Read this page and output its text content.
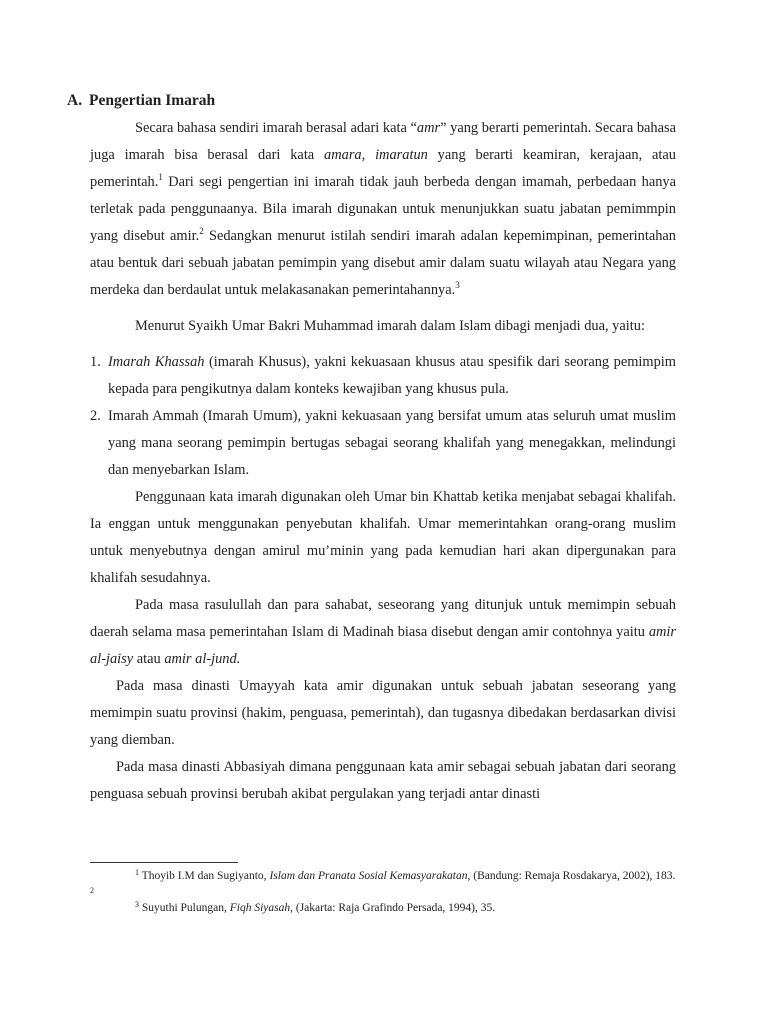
A. Pengertian Imarah

Secara bahasa sendiri imarah berasal adari kata “amr” yang berarti pemerintah. Secara bahasa juga imarah bisa berasal dari kata amara, imaratun yang berarti keamiran, kerajaan, atau pemerintah.$^1$ Dari segi pengertian ini imarah tidak jauh berbeda dengan imamah, perbedaan hanya terletak pada penggunaanya. Bila imarah digunakan untuk menunjukkan suatu jabatan pemimmpin yang disebut amir.$^2$ Sedangkan menurut istilah sendiri imarah adalan kepemimpinan, pemerintahan atau bentuk dari sebuah jabatan pemimpin yang disebut amir dalam suatu wilayah atau Negara yang merdeka dan berdaulat untuk melakasanakan pemerintahannya.$^3$

Menurut Syaikh Umar Bakri Muhammad imarah dalam Islam dibagi menjadi dua, yaitu:

1. Imarah Khassah (imarah Khusus), yakni kekuasaan khusus atau spesifik dari seorang pemimpim kepada para pengikutnya dalam konteks kewajiban yang khusus pula.
2. Imarah Ammah (Imarah Umum), yakni kekuasaan yang bersifat umum atas seluruh umat muslim yang mana seorang pemimpin bertugas sebagai seorang khalifah yang menegakkan, melindungi dan menyebarkan Islam.

Penggunaan kata imarah digunakan oleh Umar bin Khattab ketika menjabat sebagai khalifah. Ia enggan untuk menggunakan penyebutan khalifah. Umar memerintahkan orang-orang muslim untuk menyebutnya dengan amirul mu’minin yang pada kemudian hari akan dipergunakan para khalifah sesudahnya.

Pada masa rasulullah dan para sahabat, seseorang yang ditunjuk untuk memimpin sebuah daerah selama masa pemerintahan Islam di Madinah biasa disebut dengan amir contohnya yaitu amir al-jaisy atau amir al-jund.

Pada masa dinasti Umayyah kata amir digunakan untuk sebuah jabatan seseorang yang memimpin suatu provinsi (hakim, penguasa, pemerintah), dan tugasnya dibedakan berdasarkan divisi yang diemban.

Pada masa dinasti Abbasiyah dimana penggunaan kata amir sebagai sebuah jabatan dari seorang penguasa sebuah provinsi berubah akibat pergulakan yang terjadi antar dinasti

$^1$ Thoyib I.M dan Sugiyanto, Islam dan Pranata Sosial Kemasyarakatan, (Bandung: Remaja Rosdakarya, 2002), 183.

2

$^3$ Suyuthi Pulungan, Fiqh Siyasah, (Jakarta: Raja Grafindo Persada, 1994), 35.
